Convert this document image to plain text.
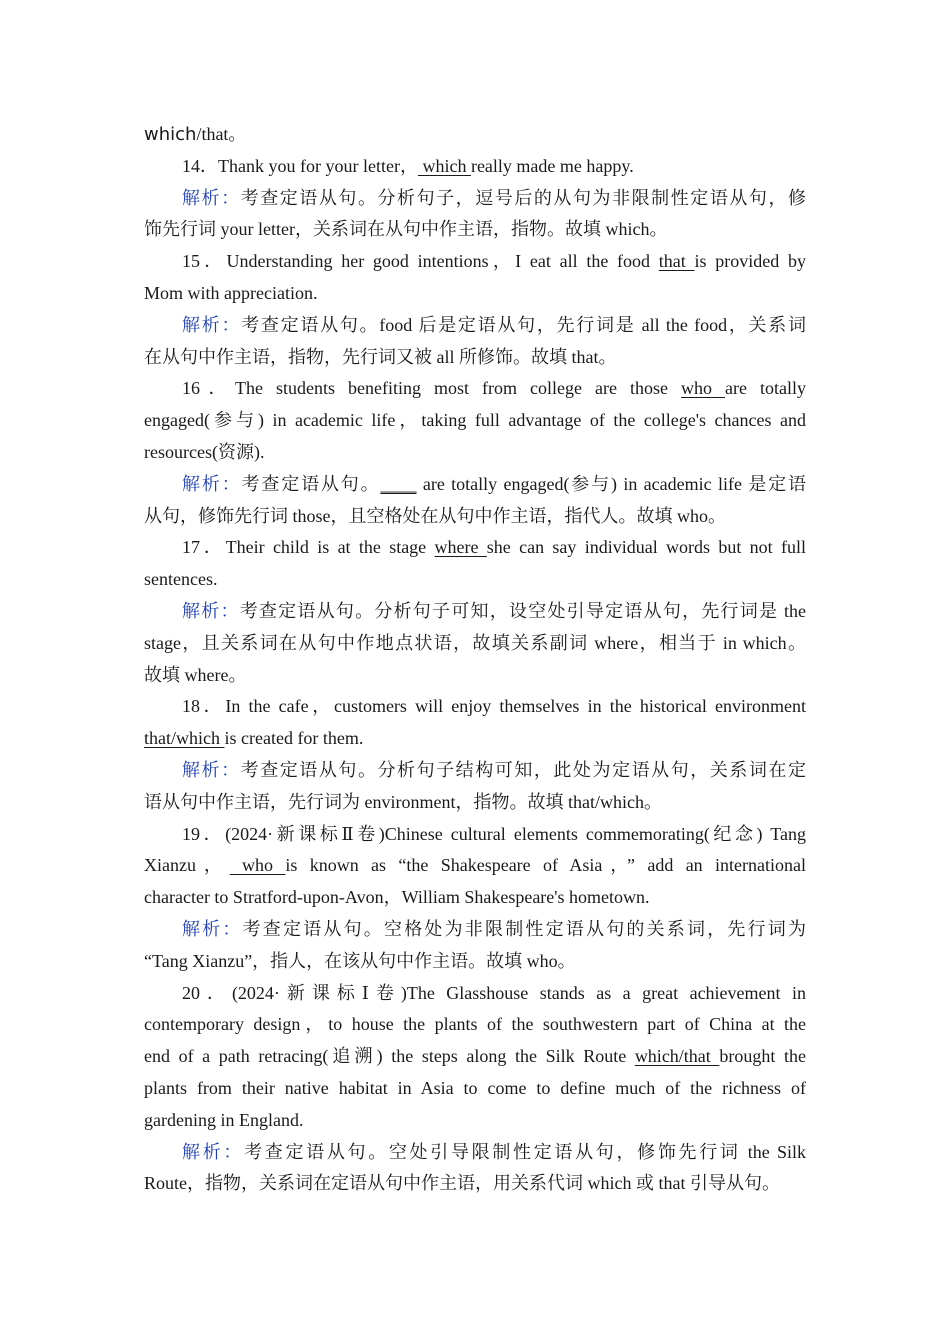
which/that。
14．Thank you for your letter， which really made me happy.
解析：考查定语从句。分析句子，逗号后的从句为非限制性定语从句，修
饰先行词 your letter，关系词在从句中作主语，指物。故填 which。
15．Understanding her good intentions，I eat all the food that is provided by
Mom with appreciation.
解析：考查定语从句。food 后是定语从句，先行词是 all the food，关系词
在从句中作主语，指物，先行词又被 all 所修饰。故填 that。
16．The students benefiting most from college are those who are totally
engaged(参与) in academic life，taking full advantage of the college's chances and
resources(资源).
解析：考查定语从句。____ are totally engaged(参与) in academic life 是定语
从句，修饰先行词 those，且空格处在从句中作主语，指代人。故填 who。
17．Their child is at the stage where she can say individual words but not full
sentences.
解析：考查定语从句。分析句子可知，设空处引导定语从句，先行词是 the
stage，且关系词在从句中作地点状语，故填关系副词 where，相当于 in which。
故填 where。
18．In the cafe，customers will enjoy themselves in the historical environment
that/which is created for them.
解析：考查定语从句。分析句子结构可知，此处为定语从句，关系词在定
语从句中作主语，先行词为 environment，指物。故填 that/which。
19．(2024·新课标Ⅱ卷)Chinese cultural elements commemorating(纪念) Tang
Xianzu， who is known as “the Shakespeare of Asia，” add an international
character to Stratford-upon-Avon，William Shakespeare's hometown.
解析：考查定语从句。空格处为非限制性定语从句的关系词，先行词为
“Tang Xianzu”，指人，在该从句中作主语。故填 who。
20．(2024·新课标Ⅰ卷)The Glasshouse stands as a great achievement in
contemporary design，to house the plants of the southwestern part of China at the
end of a path retracing(追溯) the steps along the Silk Route which/that brought the
plants from their native habitat in Asia to come to define much of the richness of
gardening in England.
解析：考查定语从句。空处引导限制性定语从句，修饰先行词 the Silk
Route，指物，关系词在定语从句中作主语，用关系代词 which 或 that 引导从句。
